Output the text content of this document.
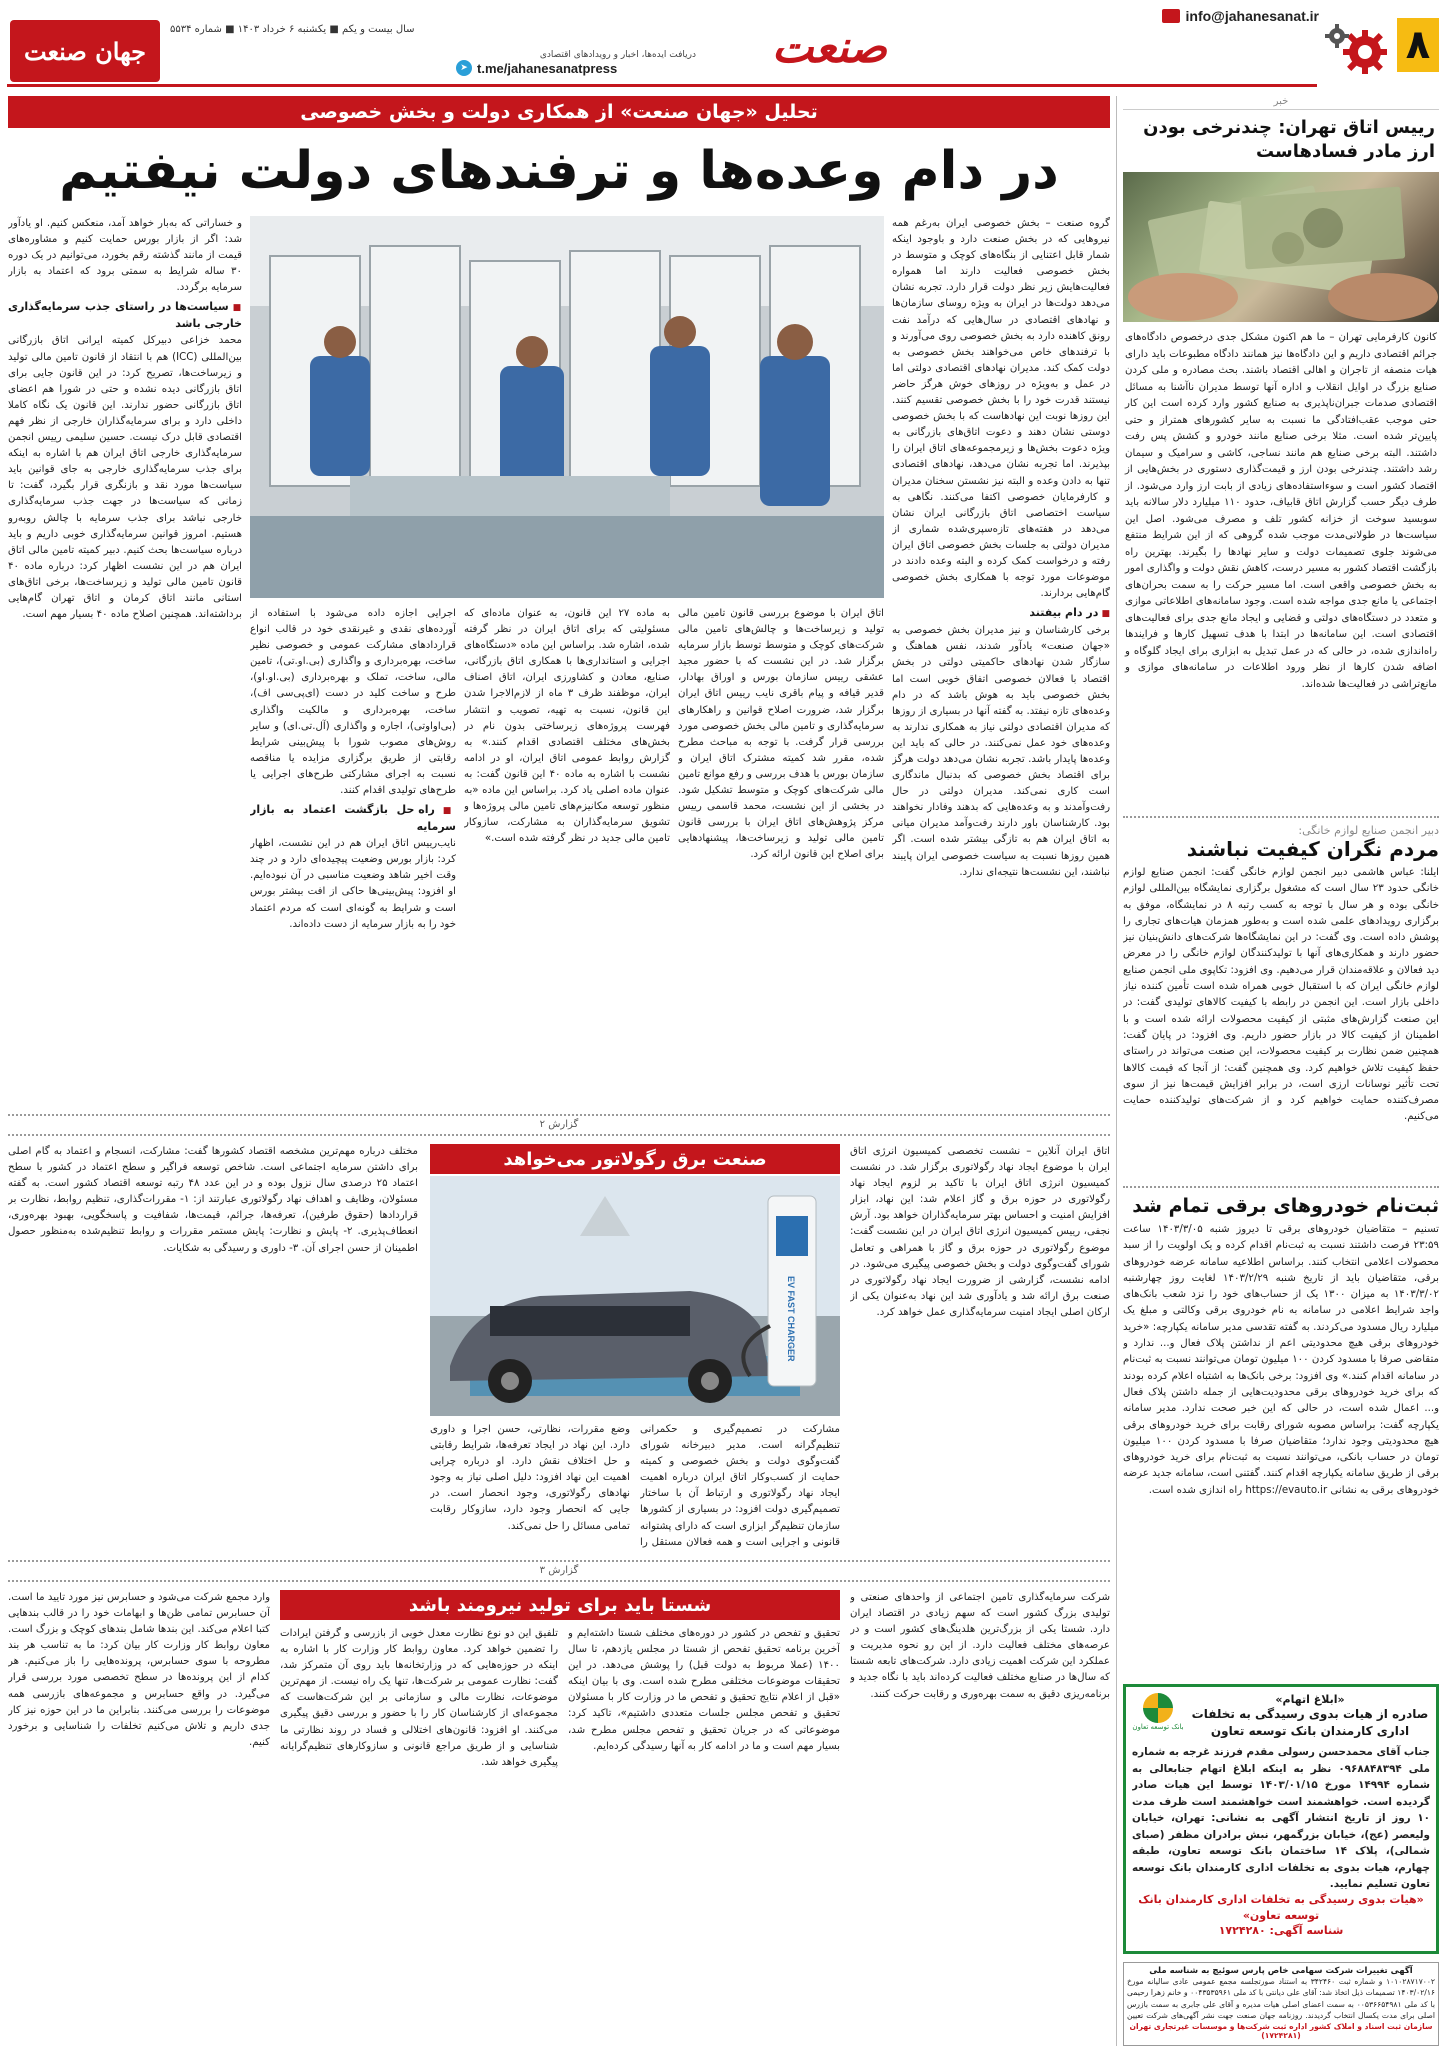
۸
info@jahanesanat.ir
صنعت
دریافت ایده‌ها، اخبار و رویدادهای اقتصادی
t.me/jahanesanatpress
➤
سال بیست و یکم ■ یکشنبه ۶ خرداد ۱۴۰۳ ■ شماره ۵۵۳۴
جهان صنعت
خبر
رییس اتاق تهران: چندنرخی بودن ارز مادر فسادهاست
کانون کارفرمایی تهران – ما هم اکنون مشکل جدی درخصوص دادگاه‌های جرائم اقتصادی داریم و این دادگاه‌ها نیز همانند دادگاه مطبوعات باید دارای هیات منصفه از تاجران و اهالی اقتصاد باشند. بحث مصادره و ملی کردن صنایع بزرگ در اوایل انقلاب و اداره آنها توسط مدیران ناآشنا به مسائل اقتصادی صدمات جبران‌ناپذیری به صنایع کشور وارد کرده است این کار حتی موجب عقب‌افتادگی ما نسبت به سایر کشورهای همتراز و حتی پایین‌تر شده است. مثلا برخی صنایع مانند خودرو و کشش پس رفت داشتند. البته برخی صنایع هم مانند نساجی، کاشی و سرامیک و سیمان رشد داشتند. چندنرخی بودن ارز و قیمت‌گذاری دستوری در بخش‌هایی از اقتصاد کشور است و سوءاستفاده‌های زیادی از بابت ارز وارد می‌شود. از طرف دیگر حسب گزارش اتاق قابیاف، حدود ۱۱۰ میلیارد دلار سالانه باید سوبسید سوخت از خزانه کشور تلف و مصرف می‌شود. اصل این سیاست‌ها در طولانی‌مدت موجب شده گروهی که از این شرایط منتفع می‌شوند جلوی تصمیمات دولت و سایر نهادها را بگیرند. بهترین راه بازگشت اقتصاد کشور به مسیر درست، کاهش نقش دولت و واگذاری امور به بخش خصوصی واقعی است. اما مسیر حرکت را به سمت بحران‌های اجتماعی یا مانع جدی مواجه شده است. وجود سامانه‌های اطلاعاتی موازی و متعدد در دستگاه‌های دولتی و قضایی و ایجاد مانع جدی برای فعالیت‌های اقتصادی است. این سامانه‌ها در ابتدا با هدف تسهیل کارها و فرایندها راه‌اندازی شده، در حالی که در عمل تبدیل به ابزاری برای ایجاد گلوگاه و اضافه شدن کارها از نظر ورود اطلاعات در سامانه‌های موازی و مانع‌تراشی در فعالیت‌ها شده‌اند.
دبیر انجمن صنایع لوازم خانگی:
مردم نگران کیفیت نباشند
ایلنا: عباس هاشمی دبیر انجمن لوازم خانگی گفت: انجمن صنایع لوازم خانگی حدود ۲۳ سال است که مشغول برگزاری نمایشگاه بین‌المللی لوازم خانگی بوده و هر سال با توجه به کسب رتبه ۸ در نمایشگاه، موفق به برگزاری رویدادهای علمی شده است و به‌طور همزمان هیات‌های تجاری را پوشش داده است. وی گفت: در این نمایشگاه‌ها شرکت‌های دانش‌بنیان نیز حضور دارند و همکاری‌های آنها با تولیدکنندگان لوازم خانگی را در معرض دید فعالان و علاقه‌مندان قرار می‌دهیم. وی افزود: تکاپوی ملی انجمن صنایع لوازم خانگی ایران که با استقبال خوبی همراه شده است تأمین کننده نیاز داخلی بازار است. این انجمن در رابطه با کیفیت کالاهای تولیدی گفت: در این صنعت گزارش‌های مثبتی از کیفیت محصولات ارائه شده است و با اطمینان از کیفیت کالا در بازار حضور داریم. وی افزود: در پایان گفت: همچنین ضمن نظارت بر کیفیت محصولات، این صنعت می‌تواند در راستای حفظ کیفیت تلاش خواهیم کرد. وی همچنین گفت: از آنجا که قیمت کالاها تحت تأثیر نوسانات ارزی است، در برابر افزایش قیمت‌ها نیز از سوی مصرف‌کننده حمایت خواهیم کرد و از شرکت‌های تولیدکننده حمایت می‌کنیم.
ثبت‌نام خودروهای برقی تمام شد
تسنیم – متقاضیان خودروهای برقی تا دیروز شنبه ۱۴۰۳/۳/۰۵ ساعت ۲۳:۵۹ فرصت داشتند نسبت به ثبت‌نام اقدام کرده و یک اولویت را از سبد محصولات اعلامی انتخاب کنند. براساس اطلاعیه سامانه عرضه خودروهای برقی، متقاضیان باید از تاریخ شنبه ۱۴۰۳/۲/۲۹ لغایت روز چهارشنبه ۱۴۰۳/۳/۰۲ به میزان ۱۳۰۰ یک از حساب‌های خود را نزد شعب بانک‌های واجد شرایط اعلامی در سامانه به نام خودروی برقی وکالتی و مبلغ یک میلیارد ریال مسدود می‌کردند. به گفته تقدسی مدیر سامانه یکپارچه: «خرید خودروهای برقی هیچ محدودیتی اعم از نداشتن پلاک فعال و... ندارد و متقاضی صرفا با مسدود کردن ۱۰۰ میلیون تومان می‌توانند نسبت به ثبت‌نام در سامانه اقدام کنند.» وی افزود: برخی بانک‌ها به اشتباه اعلام کرده بودند که برای خرید خودروهای برقی محدودیت‌هایی از جمله داشتن پلاک فعال و... اعمال شده است، در حالی که این خبر صحت ندارد. مدیر سامانه یکپارچه گفت: براساس مصوبه شورای رقابت برای خرید خودروهای برقی هیچ محدودیتی وجود ندارد؛ متقاضیان صرفا با مسدود کردن ۱۰۰ میلیون تومان در حساب بانکی، می‌توانند نسبت به ثبت‌نام برای خرید خودروهای برقی از طریق سامانه یکپارچه اقدام کنند. گفتنی است، سامانه جدید عرضه خودروهای برقی به نشانی https://evauto.ir راه اندازی شده است.
«ابلاغ اتهام»
صادره از هیات بدوی رسیدگی به تخلفات اداری کارمندان بانک توسعه تعاون
بانک توسعه تعاون
جناب آقای محمدحسن رسولی مقدم فرزند غرجه به شماره ملی ۰۹۶۸۸۴۸۳۹۴ نظر به اینکه ابلاغ اتهام جنابعالی به شماره ۱۴۹۹۴ مورخ ۱۴۰۳/۰۱/۱۵ توسط این هیات صادر گردیده است. خواهشمند است خواهشمند است ظرف مدت ۱۰ روز از تاریخ انتشار آگهی به نشانی: تهران، خیابان ولیعصر (عج)، خیابان بزرگمهر، نبش برادران مظفر (صبای شمالی)، پلاک ۱۴ ساختمان بانک توسعه تعاون، طبقه چهارم، هیات بدوی به تخلفات اداری کارمندان بانک توسعه تعاون تسلیم نمایید.
«هیات بدوی رسیدگی به تخلفات اداری کارمندان بانک توسعه تعاون»
شناسه آگهی: ۱۷۲۴۲۸۰
آگهی تغییرات شرکت سهامی خاص پارس سوئیچ به شناسه ملی
۱۰۱۰۲۸۷۱۷۰۰۲ و شماره ثبت ۳۴۲۴۶۰ به استناد صورتجلسه مجمع عمومی عادی سالیانه مورخ ۱۴۰۳/۰۲/۱۶ تصمیمات ذیل اتخاذ شد: آقای علی دیانتی با کد ملی ۰۰۴۳۵۳۵۹۶۱ و خانم زهرا رحیمی با کد ملی ۰۰۵۳۶۶۵۴۹۸۱ به سمت اعضای اصلی هیات مدیره و آقای علی جابری به سمت بازرس اصلی برای مدت یکسال انتخاب گردیدند. روزنامه جهان صنعت جهت نشر آگهی‌های شرکت تعیین
سازمان ثبت اسناد و املاک کشور اداره ثبت شرکت‌ها و موسسات غیرتجاری تهران (۱۷۲۴۲۸۱)
تحلیل «جهان صنعت» از همکاری دولت و بخش خصوصی
در دام وعده‌ها و ترفندهای دولت نیفتیم

گروه صنعت – بخش خصوصی ایران به‌رغم همه نیروهایی که در بخش صنعت دارد و باوجود اینکه شمار قابل اعتنایی از بنگاه‌های کوچک و متوسط در بخش خصوصی فعالیت دارند اما همواره فعالیت‌هایش زیر نظر دولت قرار دارد. تجربه نشان می‌دهد دولت‌ها در ایران به ویژه روسای سازمان‌ها و نهادهای اقتصادی در سال‌هایی که درآمد نفت رونق کاهنده دارد به بخش خصوصی روی می‌آورند و با ترفندهای خاص می‌خواهند بخش خصوصی به دولت کمک کند. مدیران نهادهای اقتصادی دولتی اما در عمل و به‌ویژه در روزهای خوش هرگز حاضر نیستند قدرت خود را با بخش خصوصی تقسیم کنند. این روزها نوبت این نهادهاست که با بخش خصوصی دوستی نشان دهند و دعوت اتاق‌های بازرگانی به ویژه دعوت بخش‌ها و زیرمجموعه‌های اتاق ایران را بپذیرند. اما تجربه نشان می‌دهد، نهادهای اقتصادی تنها به دادن وعده و البته نیز نشستن سخنان مدیران و کارفرمایان خصوصی اکتفا می‌کنند. نگاهی به سیاست اختصاصی اتاق بازرگانی ایران نشان می‌دهد در هفته‌های تازه‌سپری‌شده شماری از مدیران دولتی به جلسات بخش خصوصی اتاق ایران رفته و درخواست کمک کرده و البته وعده دادند در موضوعات مورد توجه با همکاری بخش خصوصی گام‌هایی بردارند.

■ در دام بیفتند

برخی کارشناسان و نیز مدیران بخش خصوصی به «جهان صنعت» یادآور شدند، نفس هماهنگ و سازگار شدن نهادهای حاکمیتی دولتی در بخش اقتصاد با فعالان خصوصی اتفاق خوبی است اما بخش خصوصی باید به هوش باشد که در دام وعده‌های تازه نیفتد. به گفته آنها در بسیاری از روزها که مدیران اقتصادی دولتی نیاز به همکاری ندارند به وعده‌های خود عمل نمی‌کنند. در حالی که باید این وعده‌ها پایدار باشد. تجربه نشان می‌دهد دولت هرگز برای اقتصاد بخش خصوصی که بدنبال ماندگاری است کاری نمی‌کند. مدیران دولتی در حال رفت‌وآمدند و به وعده‌هایی که بدهند وفادار نخواهند بود. کارشناسان باور دارند رفت‌وآمد مدیران میانی به اتاق ایران هم به تازگی بیشتر شده است. اگر همین روزها نسبت به سیاست خصوصی ایران پایبند نباشند، این نشست‌ها نتیجه‌ای ندارد.

اتاق ایران با موضوع بررسی قانون تامین مالی تولید و زیرساخت‌ها و چالش‌های تامین مالی شرکت‌های کوچک و متوسط توسط بازار سرمایه برگزار شد. در این نشست که با حضور مجید عشقی رییس سازمان بورس و اوراق بهادار، قدیر قیافه و پیام باقری نایب رییس اتاق ایران برگزار شد، ضرورت اصلاح قوانین و راهکارهای سرمایه‌گذاری و تامین مالی بخش خصوصی مورد بررسی قرار گرفت. با توجه به مباحث مطرح شده، مقرر شد کمیته مشترک اتاق ایران و سازمان بورس با هدف بررسی و رفع موانع تامین مالی شرکت‌های کوچک و متوسط تشکیل شود. در بخشی از این نشست، محمد قاسمی رییس مرکز پژوهش‌های اتاق ایران با بررسی قانون تامین مالی تولید و زیرساخت‌ها، پیشنهادهایی برای اصلاح این قانون ارائه کرد.

به ماده ۲۷ این قانون، به عنوان ماده‌ای که مسئولیتی که برای اتاق ایران در نظر گرفته شده، اشاره شد. براساس این ماده «دستگاه‌های اجرایی و استانداری‌ها با همکاری اتاق بازرگانی، صنایع، معادن و کشاورزی ایران، اتاق اصناف ایران، موظفند ظرف ۳ ماه از لازم‌الاجرا شدن این قانون، نسبت به تهیه، تصویب و انتشار فهرست پروژه‌های زیرساختی بدون نام در بخش‌های مختلف اقتصادی اقدام کنند.» به گزارش روابط عمومی اتاق ایران، او در ادامه نشست با اشاره به ماده ۴۰ این قانون گفت: به عنوان ماده اصلی یاد کرد. براساس این ماده «به منظور توسعه مکانیزم‌های تامین مالی پروژه‌ها و تشویق سرمایه‌گذاران به مشارکت، سازوکار تامین مالی جدید در نظر گرفته شده است.»

اجرایی اجازه داده می‌شود با استفاده از آورده‌های نقدی و غیرنقدی خود در قالب انواع قراردادهای مشارکت عمومی و خصوصی نظیر ساخت، بهره‌برداری و واگذاری (بی.او.تی)، تامین مالی، ساخت، تملک و بهره‌برداری (بی.او.او)، طرح و ساخت کلید در دست (ای‌پی‌سی اف)، ساخت، بهره‌برداری و مالکیت واگذاری (بی‌او‌اوتی)، اجاره و واگذاری (آل.تی.ای) و سایر روش‌های مصوب شورا با پیش‌بینی شرایط رقابتی از طریق برگزاری مزایده یا مناقصه نسبت به اجرای مشارکتی طرح‌های اجرایی یا طرح‌های تولیدی اقدام کنند.

■ راه حل بازگشت اعتماد به بازار سرمایه

نایب‌رییس اتاق ایران هم در این نشست، اظهار کرد: بازار بورس وضعیت پیچیده‌ای دارد و در چند وقت اخیر شاهد وضعیت مناسبی در آن نبوده‌ایم. او افزود: پیش‌بینی‌ها حاکی از افت بیشتر بورس است و شرایط به گونه‌ای است که مردم اعتماد خود را به بازار سرمایه از دست داده‌اند.

و خساراتی که به‌بار خواهد آمد، منعکس کنیم. او یادآور شد: اگر از بازار بورس حمایت کنیم و مشاوره‌های قیمت از مانند گذشته رقم بخورد، می‌توانیم در یک دوره ۳۰ ساله شرایط به سمتی برود که اعتماد به بازار سرمایه برگردد.

■ سیاست‌ها در راستای جذب سرمایه‌گذاری خارجی باشد

محمد خزاعی دبیرکل کمیته ایرانی اتاق بازرگانی بین‌المللی (ICC) هم با انتقاد از قانون تامین مالی تولید و زیرساخت‌ها، تصریح کرد: در این قانون جایی برای اتاق بازرگانی دیده نشده و حتی در شورا هم اعضای اتاق بازرگانی حضور ندارند. این قانون یک نگاه کاملا داخلی دارد و برای سرمایه‌گذاران خارجی از نظر فهم اقتصادی قابل درک نیست. حسین سلیمی رییس انجمن سرمایه‌گذاری خارجی اتاق ایران هم با اشاره به اینکه برای جذب سرمایه‌گذاری خارجی به جای قوانین باید سیاست‌ها مورد نقد و بازنگری قرار بگیرد، گفت: تا زمانی که سیاست‌ها در جهت جذب سرمایه‌گذاری خارجی نباشد برای جذب سرمایه با چالش روبه‌رو هستیم. امروز قوانین سرمایه‌گذاری خوبی داریم و باید درباره سیاست‌ها بحث کنیم. دبیر کمیته تامین مالی اتاق ایران هم در این نشست اظهار کرد: درباره ماده ۴۰ قانون تامین مالی تولید و زیرساخت‌ها، برخی اتاق‌های استانی مانند اتاق کرمان و اتاق تهران گام‌هایی برداشته‌اند. همچنین اصلاح ماده ۴۰ بسیار مهم است.

گزارش ۲

اتاق ایران آنلاین – نشست تخصصی کمیسیون انرژی اتاق ایران با موضوع ایجاد نهاد رگولاتوری برگزار شد. در نشست کمیسیون انرژی اتاق ایران با تاکید بر لزوم ایجاد نهاد رگولاتوری در حوزه برق و گاز اعلام شد: این نهاد، ابزار افزایش امنیت و احساس بهتر سرمایه‌گذاران خواهد بود. آرش نجفی، رییس کمیسیون انرژی اتاق ایران در این نشست گفت: موضوع رگولاتوری در حوزه برق و گاز با همراهی و تعامل شورای گفت‌وگوی دولت و بخش خصوصی پیگیری می‌شود. در ادامه نشست، گزارشی از ضرورت ایجاد نهاد رگولاتوری در صنعت برق ارائه شد و یادآوری شد این نهاد به‌عنوان یکی از ارکان اصلی ایجاد امنیت سرمایه‌گذاری عمل خواهد کرد.

صنعت برق رگولاتور می‌خواهد
EV FAST CHARGER

مشارکت در تصمیم‌گیری و حکمرانی تنظیم‌گرانه است. مدیر دبیرخانه شورای گفت‌وگوی دولت و بخش خصوصی و کمیته حمایت از کسب‌وکار اتاق ایران درباره اهمیت ایجاد نهاد رگولاتوری و ارتباط آن با ساختار تصمیم‌گیری دولت افزود: در بسیاری از کشورها سازمان تنظیم‌گر ابزاری است که دارای پشتوانه قانونی و اجرایی است و همه فعالان مستقل را

وضع مقررات، نظارتی، حسن اجرا و داوری دارد. این نهاد در ایجاد تعرفه‌ها، شرایط رقابتی و حل اختلاف نقش دارد. او درباره چرایی اهمیت این نهاد افزود: دلیل اصلی نیاز به وجود نهادهای رگولاتوری، وجود انحصار است. در جایی که انحصار وجود دارد، سازوکار رقابت تمامی مسائل را حل نمی‌کند.

مختلف درباره مهم‌ترین مشخصه اقتصاد کشورها گفت: مشارکت، انسجام و اعتماد به گام اصلی برای داشتن سرمایه اجتماعی است. شاخص توسعه فراگیر و سطح اعتماد در کشور با سطح اعتماد ۲۵ درصدی سال نزول بوده و در این عدد ۴۸ رتبه توسعه اقتصاد کشور است. به گفته مسئولان، وظایف و اهداف نهاد رگولاتوری عبارتند از: ۱- مقررات‌گذاری، تنظیم روابط، نظارت بر قراردادها (حقوق طرفین)، تعرفه‌ها، جرائم، قیمت‌ها، شفافیت و پاسخگویی، بهبود بهره‌وری، انعطاف‌پذیری. ۲- پایش و نظارت: پایش مستمر مقررات و روابط تنظیم‌شده به‌منظور حصول اطمینان از حسن اجرای آن. ۳- داوری و رسیدگی به شکایات.

گزارش ۳
شستا باید برای تولید نیرومند باشد	شرکت سرمایه‌گذاری تامین اجتماعی از واحدهای صنعتی و تولیدی بزرگ کشور است که سهم زیادی در اقتصاد ایران دارد. شستا یکی از بزرگ‌ترین هلدینگ‌های کشور است و در عرصه‌های مختلف فعالیت دارد. از این رو نحوه مدیریت و عملکرد این شرکت اهمیت زیادی دارد. شرکت‌های تابعه شستا که سال‌ها در صنایع مختلف فعالیت کرده‌اند باید با نگاه جدید و برنامه‌ریزی دقیق به سمت بهره‌وری و رقابت حرکت کنند.

تحقیق و تفحص در کشور در دوره‌های مختلف شستا داشته‌ایم و آخرین برنامه تحقیق تفحص از شستا در مجلس یازدهم، تا سال ۱۴۰۰ (عملا مربوط به دولت قبل) را پوشش می‌دهد. در این تحقیقات موضوعات مختلفی مطرح شده است. وی با بیان اینکه «قبل از اعلام نتایج تحقیق و تفحص ما در وزارت کار با مسئولان تحقیق و تفحص مجلس جلسات متعددی داشتیم»، تاکید کرد: موضوعاتی که در جریان تحقیق و تفحص مجلس مطرح شد، بسیار مهم است و ما در ادامه کار به آنها رسیدگی کرده‌ایم.

تلفیق این دو نوع نظارت معدل خوبی از بازرسی و گرفتن ایرادات را تضمین خواهد کرد. معاون روابط کار وزارت کار با اشاره به اینکه در حوزه‌هایی که در وزارتخانه‌ها باید روی آن متمرکز شد، گفت: نظارت عمومی بر شرکت‌ها، تنها یک راه نیست. از مهم‌ترین موضوعات، نظارت مالی و سازمانی بر این شرکت‌هاست که مجموعه‌ای از کارشناسان کار را با حضور و بررسی دقیق پیگیری می‌کنند. او افزود: قانون‌های اختلالی و فساد در روند نظارتی ما شناسایی و از طریق مراجع قانونی و سازوکارهای تنظیم‌گرایانه پیگیری خواهد شد.

وارد مجمع شرکت می‌شود و حسابرس نیز مورد تایید ما است. آن حسابرس تمامی ظن‌ها و ابهامات خود را در قالب بندهایی کتبا اعلام می‌کند. این بندها شامل بندهای کوچک و بزرگ است. معاون روابط کار وزارت کار بیان کرد: ما به تناسب هر بند مطروحه با سوی حسابرس، پرونده‌هایی را باز می‌کنیم. هر کدام از این پرونده‌ها در سطح تخصصی مورد بررسی قرار می‌گیرد. در واقع حسابرس و مجموعه‌های بازرسی همه موضوعات را بررسی می‌کنند. بنابراین ما در این حوزه نیز کار جدی داریم و تلاش می‌کنیم تخلفات را شناسایی و برخورد کنیم.
